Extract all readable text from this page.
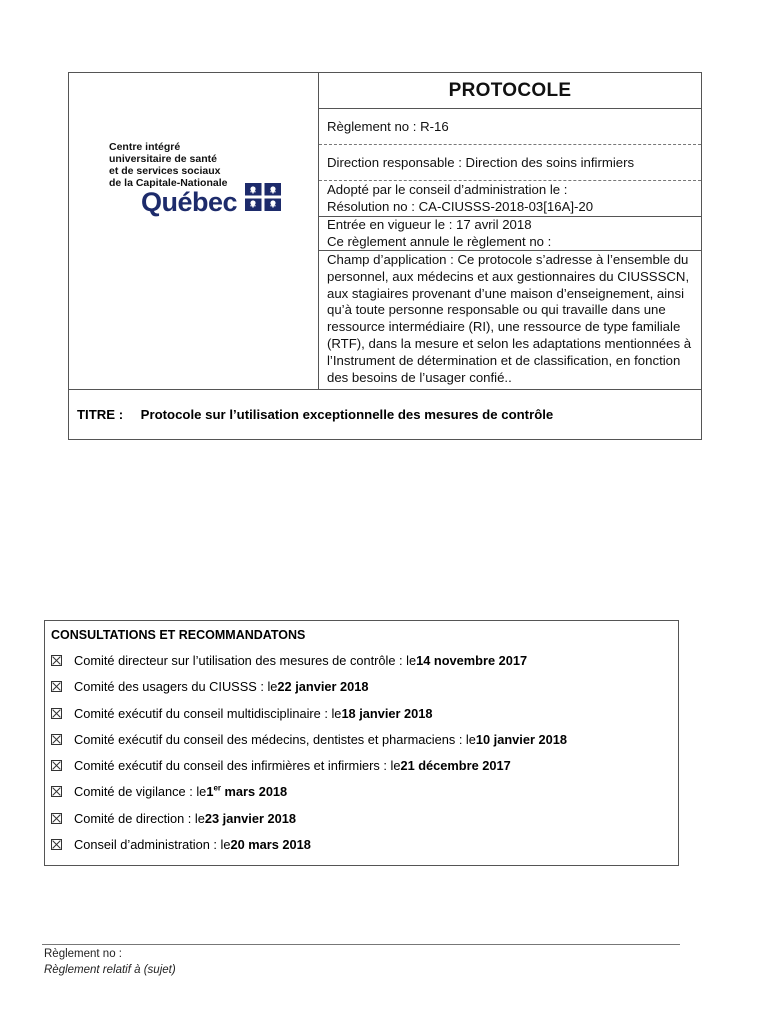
Centre intégré
universitaire de santé
et de services sociaux
de la Capitale-Nationale
Québec
PROTOCOLE
Règlement no : R-16
Direction responsable : Direction des soins infirmiers
Adopté par le conseil d’administration le :
Résolution no : CA-CIUSSS-2018-03[16A]-20
Entrée en vigueur le : 17 avril 2018
Ce règlement annule le règlement no :
Champ d’application : Ce protocole s’adresse à l’ensemble du personnel, aux médecins et aux gestionnaires du CIUSSSCN, aux stagiaires provenant d’une maison d’enseignement, ainsi qu’à toute personne responsable ou qui travaille dans une ressource intermédiaire (RI), une ressource de type familiale (RTF), dans la mesure et selon les adaptations mentionnées à l’Instrument de détermination et de classification, en fonction des besoins de l’usager confié..
TITRE : Protocole sur l’utilisation exceptionnelle des mesures de contrôle
CONSULTATIONS ET RECOMMANDATONS
Comité directeur sur l’utilisation des mesures de contrôle : le 14 novembre 2017
Comité des usagers du CIUSSS : le 22 janvier 2018
Comité exécutif du conseil multidisciplinaire : le 18 janvier 2018
Comité exécutif du conseil des médecins, dentistes et pharmaciens : le 10 janvier 2018
Comité exécutif du conseil des infirmières et infirmiers : le 21 décembre 2017
Comité de vigilance : le 1er mars 2018
Comité de direction : le 23 janvier 2018
Conseil d’administration : le 20 mars 2018
Règlement no :
Règlement relatif à (sujet)
